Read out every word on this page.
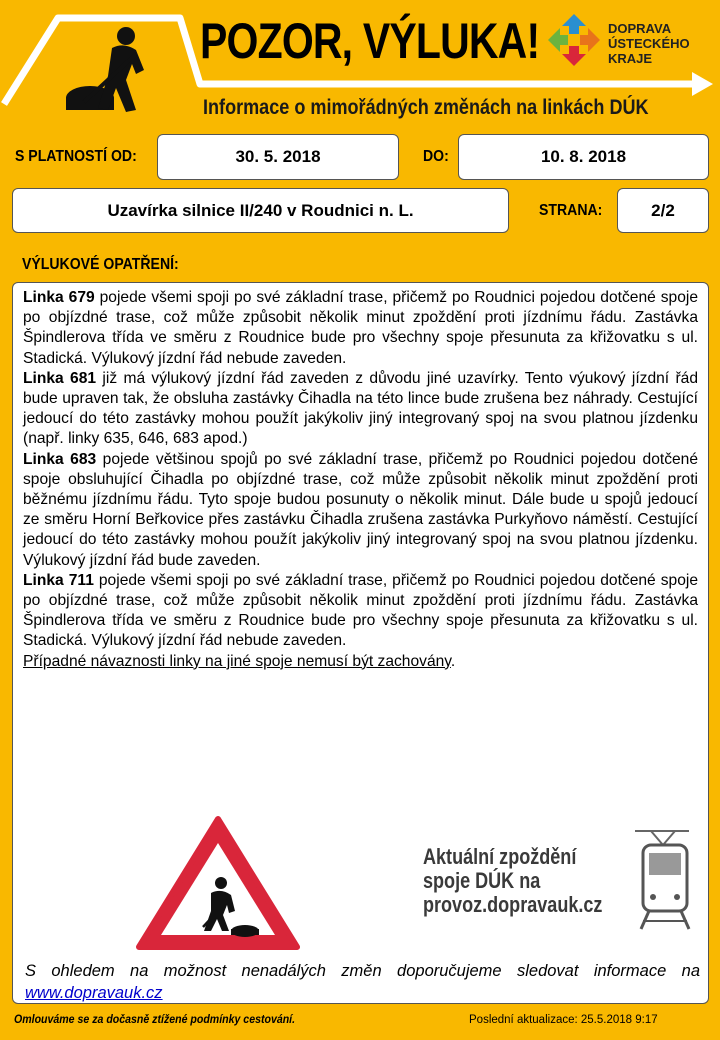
POZOR, VÝLUKA!
Informace o mimořádných změnách na linkách DÚK
DOPRAVA
ÚSTECKÉHO
KRAJE
S PLATNOSTÍ OD:	30. 5. 2018	DO:	10. 8. 2018
Uzavírka silnice II/240 v Roudnici n. L.	STRANA:	2/2
VÝLUKOVÉ OPATŘENÍ:

Linka 679 pojede všemi spoji po své základní trase, přičemž po Roudnici pojedou dotčené spoje po objízdné trase, což může způsobit několik minut zpoždění proti jízdnímu řádu. Zastávka Špindlerova třída ve směru z Roudnice bude pro všechny spoje přesunuta za křižovatku s ul. Stadická. Výlukový jízdní řád nebude zaveden.

Linka 681 již má výlukový jízdní řád zaveden z důvodu jiné uzavírky. Tento výukový jízdní řád bude upraven tak, že obsluha zastávky Čihadla na této lince bude zrušena bez náhrady. Cestující jedoucí do této zastávky mohou použít jakýkoliv jiný integrovaný spoj na svou platnou jízdenku (např. linky 635, 646, 683 apod.)

Linka 683 pojede většinou spojů po své základní trase, přičemž po Roudnici pojedou dotčené spoje obsluhující Čihadla po objízdné trase, což může způsobit několik minut zpoždění proti běžnému jízdnímu řádu. Tyto spoje budou posunuty o několik minut. Dále bude u spojů jedoucí ze směru Horní Beřkovice přes zastávku Čihadla zrušena zastávka Purkyňovo náměstí. Cestující jedoucí do této zastávky mohou použít jakýkoliv jiný integrovaný spoj na svou platnou jízdenku. Výlukový jízdní řád bude zaveden.

Linka 711 pojede všemi spoji po své základní trase, přičemž po Roudnici pojedou dotčené spoje po objízdné trase, což může způsobit několik minut zpoždění proti jízdnímu řádu. Zastávka Špindlerova třída ve směru z Roudnice bude pro všechny spoje přesunuta za křižovatku s ul. Stadická. Výlukový jízdní řád nebude zaveden.

Případné návaznosti linky na jiné spoje nemusí být zachovány.

Aktuální zpoždění
spoje DÚK na
provoz.dopravauk.cz
S ohledem na možnost nenadálých změn doporučujeme sledovat informace na www.dopravauk.cz
Omlouváme se za dočasně ztížené podmínky cestování.	Poslední aktualizace: 25.5.2018 9:17
